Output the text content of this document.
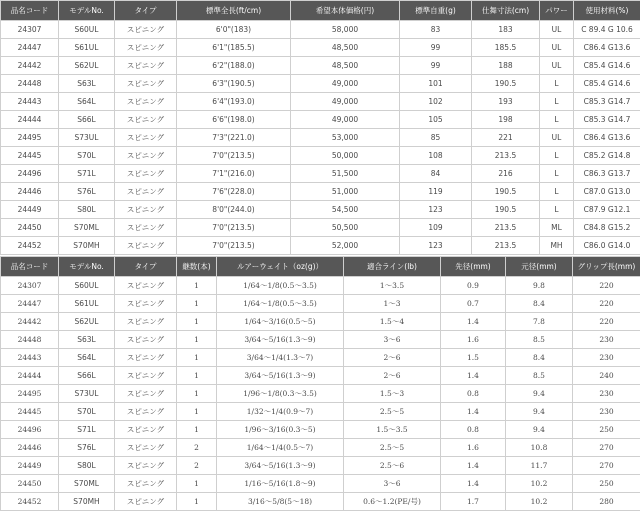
品名コード	モデルNo.	タイプ	標準全長(ft/cm)	希望本体価格(円)	標準自重(g)	仕舞寸法(cm)	パワー	使用材料(%)
24307	S60UL	スピニング	6'0"(183)	58,000	83	183	UL	C 89.4 G 10.6
24447	S61UL	スピニング	6'1"(185.5)	48,500	99	185.5	UL	C86.4 G13.6
24442	S62UL	スピニング	6'2"(188.0)	48,500	99	188	UL	C85.4 G14.6
24448	S63L	スピニング	6'3"(190.5)	49,000	101	190.5	L	C85.4 G14.6
24443	S64L	スピニング	6'4"(193.0)	49,000	102	193	L	C85.3 G14.7
24444	S66L	スピニング	6'6"(198.0)	49,000	105	198	L	C85.3 G14.7
24495	S73UL	スピニング	7'3"(221.0)	53,000	85	221	UL	C86.4 G13.6
24445	S70L	スピニング	7'0"(213.5)	50,000	108	213.5	L	C85.2 G14.8
24496	S71L	スピニング	7'1"(216.0)	51,500	84	216	L	C86.3 G13.7
24446	S76L	スピニング	7'6"(228.0)	51,000	119	190.5	L	C87.0 G13.0
24449	S80L	スピニング	8'0"(244.0)	54,500	123	190.5	L	C87.9 G12.1
24450	S70ML	スピニング	7'0"(213.5)	50,500	109	213.5	ML	C84.8 G15.2
24452	S70MH	スピニング	7'0"(213.5)	52,000	123	213.5	MH	C86.0 G14.0
品名コード	モデルNo.	タイプ	継数(本)	ルアーウェイト（oz(g)）	適合ライン(lb)	先径(mm)	元径(mm)	グリップ長(mm)
24307	S60UL	スピニング	1	1/64～1/8(0.5～3.5)	1～3.5	0.9	9.8	220
24447	S61UL	スピニング	1	1/64～1/8(0.5～3.5)	1～3	0.7	8.4	220
24442	S62UL	スピニング	1	1/64～3/16(0.5～5)	1.5～4	1.4	7.8	220
24448	S63L	スピニング	1	3/64～5/16(1.3～9)	3～6	1.6	8.5	230
24443	S64L	スピニング	1	3/64～1/4(1.3～7)	2～6	1.5	8.4	230
24444	S66L	スピニング	1	3/64～5/16(1.3～9)	2～6	1.4	8.5	240
24495	S73UL	スピニング	1	1/96～1/8(0.3～3.5)	1.5～3	0.8	9.4	230
24445	S70L	スピニング	1	1/32～1/4(0.9～7)	2.5～5	1.4	9.4	230
24496	S71L	スピニング	1	1/96～3/16(0.3～5)	1.5～3.5	0.8	9.4	250
24446	S76L	スピニング	2	1/64～1/4(0.5～7)	2.5～5	1.6	10.8	270
24449	S80L	スピニング	2	3/64～5/16(1.3～9)	2.5～6	1.4	11.7	270
24450	S70ML	スピニング	1	1/16～5/16(1.8～9)	3～6	1.4	10.2	250
24452	S70MH	スピニング	1	3/16～5/8(5～18)	0.6～1.2(PE/号)	1.7	10.2	280
